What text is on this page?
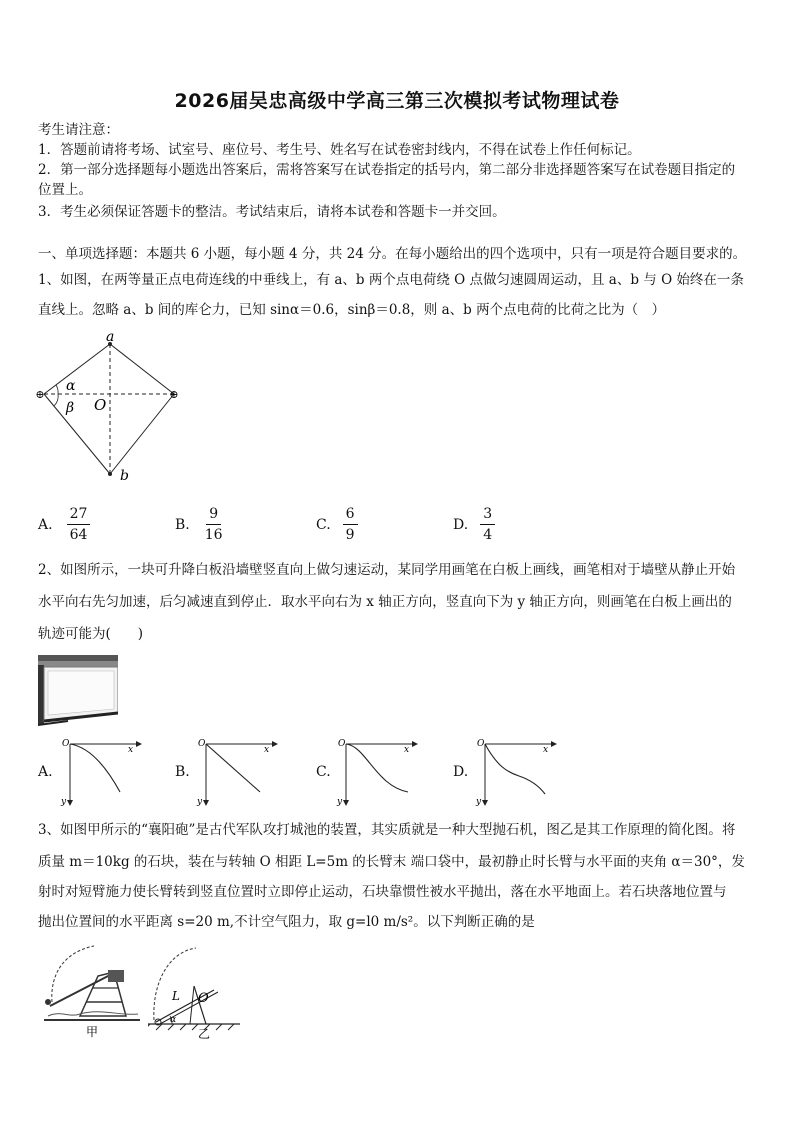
2026届吴忠高级中学高三第三次模拟考试物理试卷
考生请注意：
1．答题前请将考场、试室号、座位号、考生号、姓名写在试卷密封线内，不得在试卷上作任何标记。
2．第一部分选择题每小题选出答案后，需将答案写在试卷指定的括号内，第二部分非选择题答案写在试卷题目指定的
位置上。
3．考生必须保证答题卡的整洁。考试结束后，请将本试卷和答题卡一并交回。
一、单项选择题：本题共 6 小题，每小题 4 分，共 24 分。在每小题给出的四个选项中，只有一项是符合题目要求的。
1、如图，在两等量正点电荷连线的中垂线上，有 a、b 两个点电荷绕 O 点做匀速圆周运动，且 a、b 与 O 始终在一条
直线上。忽略 a、b 间的库仑力，已知 sinα＝0.6，sinβ＝0.8，则 a、b 两个点电荷的比荷之比为（　）
⊕	⊕
a
b
O
α
β
A. $\frac{27}{64}$	B. $\frac{9}{16}$	C. $\frac{6}{9}$	D. $\frac{3}{4}$
2、如图所示，一块可升降白板沿墙壁竖直向上做匀速运动，某同学用画笔在白板上画线，画笔相对于墙壁从静止开始
水平向右先匀加速，后匀减速直到停止．取水平向右为 x 轴正方向，竖直向下为 y 轴正方向，则画笔在白板上画出的
轨迹可能为(　　)
A.
O
x
y
B.
O
x
y
C.
O
x
y
D.
O
x
y
3、如图甲所示的“襄阳砲”是古代军队攻打城池的装置，其实质就是一种大型抛石机，图乙是其工作原理的简化图。将
质量 m＝10kg 的石块，装在与转轴 O 相距 L=5m 的长臂末 端口袋中，最初静止时长臂与水平面的夹角 α＝30°，发
射时对短臂施力使长臂转到竖直位置时立即停止运动，石块靠惯性被水平抛出，落在水平地面上。若石块落地位置与
抛出位置间的水平距离 s=20 m,不计空气阻力，取 g=l0 m/s²。以下判断正确的是
甲
L O
α
乙
